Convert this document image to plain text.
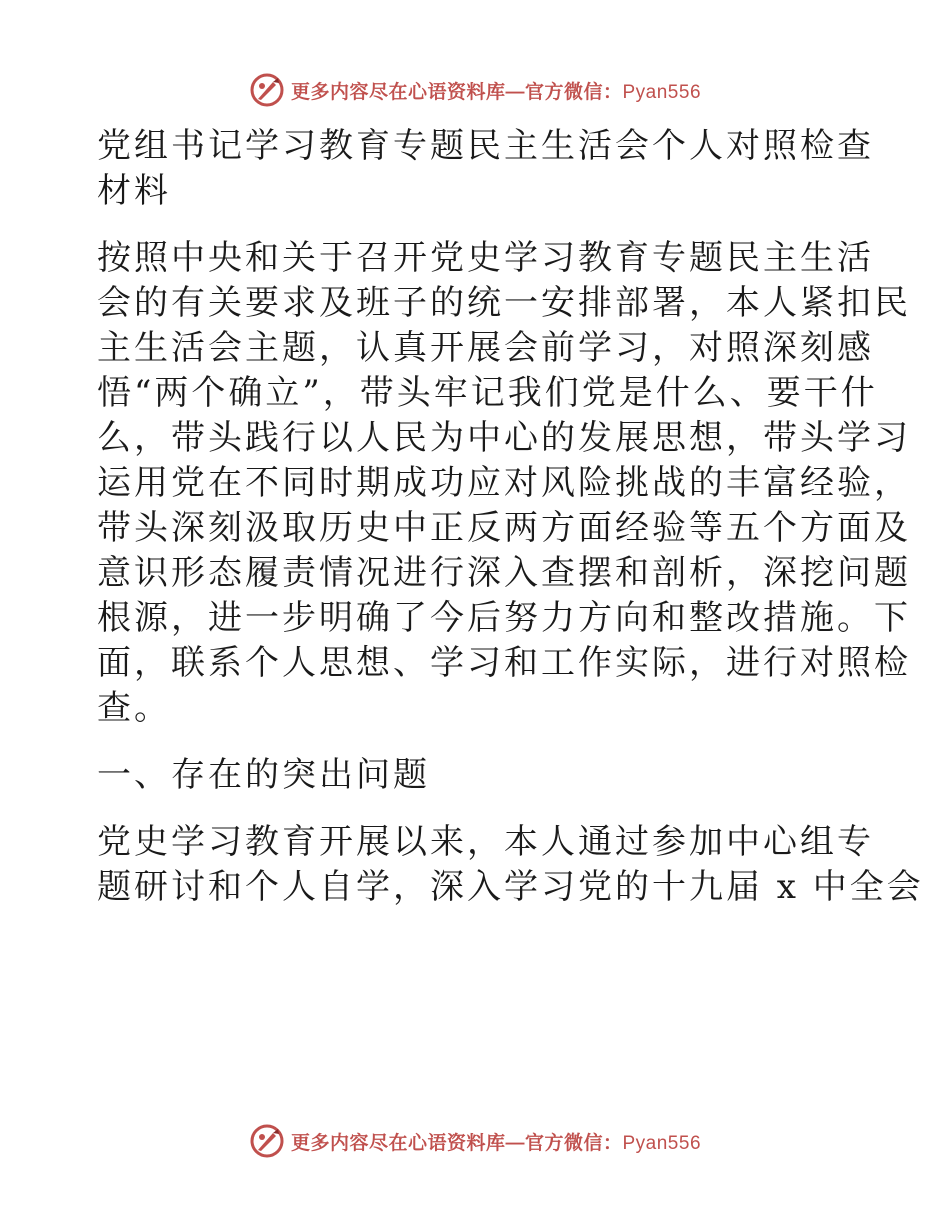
更多内容尽在心语资料库—官方微信：Pyan556
党组书记学习教育专题民主生活会个人对照检查
材料
按照中央和关于召开党史学习教育专题民主生活
会的有关要求及班子的统一安排部署，本人紧扣民
主生活会主题，认真开展会前学习，对照深刻感
悟“两个确立”，带头牢记我们党是什么、要干什
么，带头践行以人民为中心的发展思想，带头学习
运用党在不同时期成功应对风险挑战的丰富经验，
带头深刻汲取历史中正反两方面经验等五个方面及
意识形态履责情况进行深入查摆和剖析，深挖问题
根源，进一步明确了今后努力方向和整改措施。下
面，联系个人思想、学习和工作实际，进行对照检
查。
一、存在的突出问题
党史学习教育开展以来，本人通过参加中心组专
题研讨和个人自学，深入学习党的十九届 x 中全会
更多内容尽在心语资料库—官方微信：Pyan556
